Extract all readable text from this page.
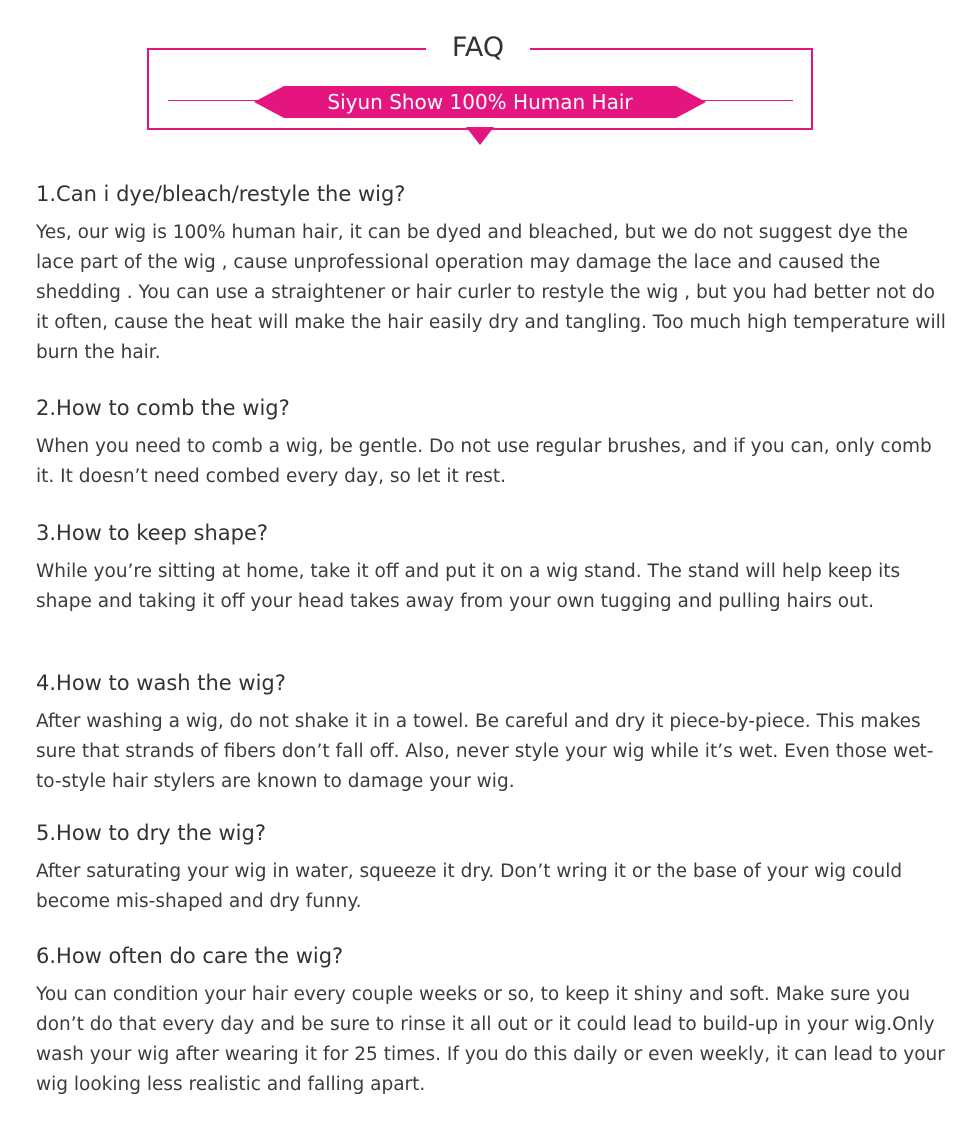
FAQ
Siyun Show 100% Human Hair

1.Can i dye/bleach/restyle the wig?

Yes, our wig is 100% human hair, it can be dyed and bleached, but we do not suggest dye the lace part of the wig , cause unprofessional operation may damage the lace and caused the shedding . You can use a straightener or hair curler to restyle the wig , but you had better not do it often, cause the heat will make the hair easily dry and tangling. Too much high temperature will burn the hair.

2.How to comb the wig?

When you need to comb a wig, be gentle. Do not use regular brushes, and if you can, only comb it. It doesn’t need combed every day, so let it rest.

3.How to keep shape?

While you’re sitting at home, take it off and put it on a wig stand. The stand will help keep its shape and taking it off your head takes away from your own tugging and pulling hairs out.

4.How to wash the wig?

After washing a wig, do not shake it in a towel. Be careful and dry it piece-by-piece. This makes sure that strands of fibers don’t fall off. Also, never style your wig while it’s wet. Even those wet-to-style hair stylers are known to damage your wig.

5.How to dry the wig?

After saturating your wig in water, squeeze it dry. Don’t wring it or the base of your wig could become mis-shaped and dry funny.

6.How often do care the wig?

You can condition your hair every couple weeks or so, to keep it shiny and soft. Make sure you don’t do that every day and be sure to rinse it all out or it could lead to build-up in your wig.Only wash your wig after wearing it for 25 times. If you do this daily or even weekly, it can lead to your wig looking less realistic and falling apart.
